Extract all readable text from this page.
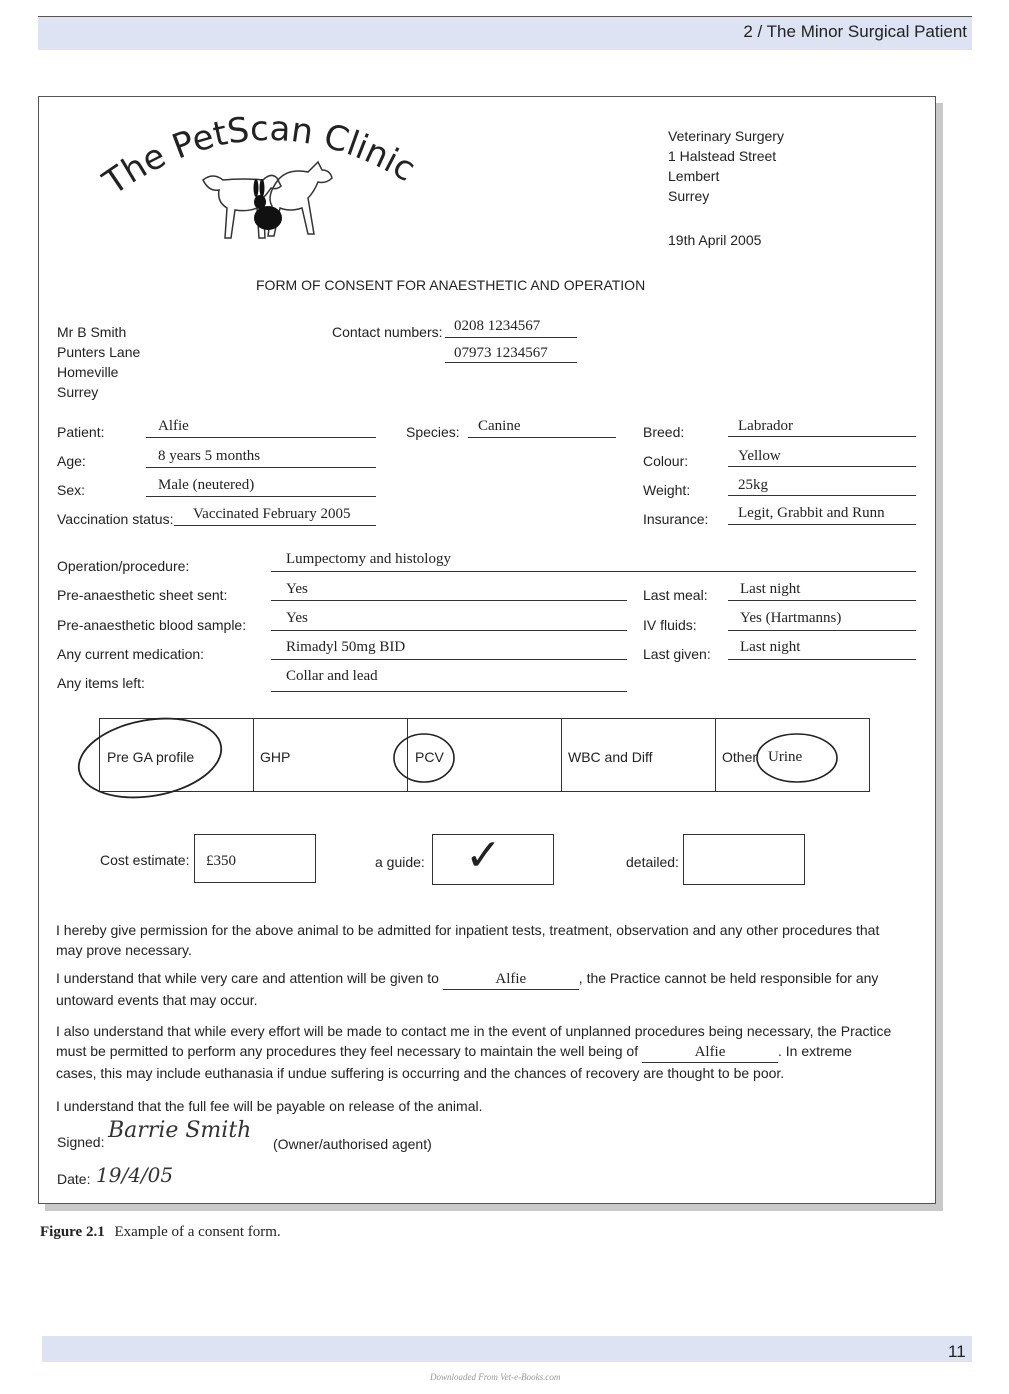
2 / The Minor Surgical Patient
The PetScan Clinic
Veterinary Surgery
1 Halstead Street
Lembert
Surrey
19th April 2005
FORM OF CONSENT FOR ANAESTHETIC AND OPERATION
Mr B Smith
Punters Lane
Homeville
Surrey
Contact numbers: 0208 1234567
07973 1234567
Patient:	Alfie	Species: Canine	Breed:	Labrador
Age:	8 years 5 months	Colour:	Yellow
Sex:	Male (neutered)	Weight:	25kg
Vaccination status: Vaccinated February 2005	Insurance: Legit, Grabbit and Runn
Operation/procedure:	Lumpectomy and histology
Pre-anaesthetic sheet sent:	Yes	Last meal: Last night
Pre-anaesthetic blood sample:	Yes	IV fluids:	Yes (Hartmanns)
Any current medication:	Rimadyl 50mg BID	Last given: Last night
Any items left:	Collar and lead
Pre GA profile	GHP	PCV	WBC and Diff	Other Urine
Cost estimate: £350	a guide: ✓	detailed:
I hereby give permission for the above animal to be admitted for inpatient tests, treatment, observation and any other procedures that may prove necessary.
I understand that while very care and attention will be given to	Alfie	, the Practice cannot be held responsible for any untoward events that may occur.
I also understand that while every effort will be made to contact me in the event of unplanned procedures being necessary, the Practice must be permitted to perform any procedures they feel necessary to maintain the well being of	Alfie	. In extreme cases, this may include euthanasia if undue suffering is occurring and the chances of recovery are thought to be poor.
I understand that the full fee will be payable on release of the animal.
Signed: Barrie Smith
(Owner/authorised agent)
Date: 19/4/05
Figure 2.1 Example of a consent form.
11
Downloaded From Vet-e-Books.com
